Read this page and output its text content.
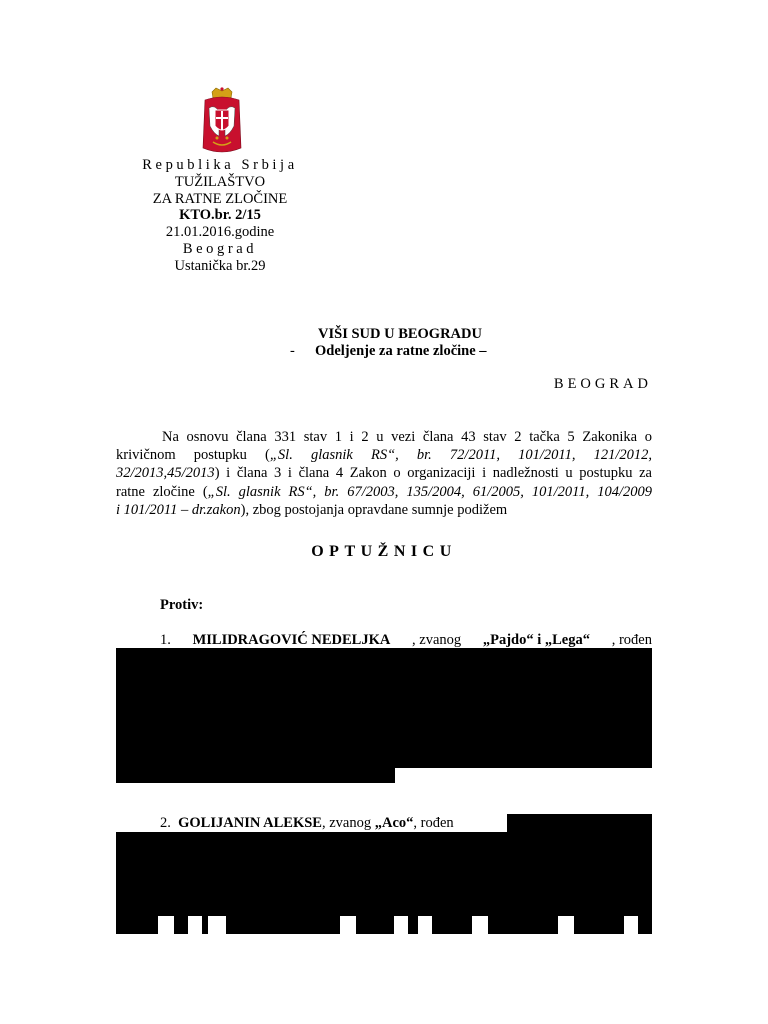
Republika Srbija
TUŽILAŠTVO
ZA RATNE ZLOČINE
KTO.br. 2/15
21.01.2016.godine
Beograd
Ustanička br.29
VIŠI SUD U BEOGRADU
- Odeljenje za ratne zločine –
BEOGRAD
Na osnovu člana 331 stav 1 i 2 u vezi člana 43 stav 2 tačka 5 Zakonika o
krivičnom postupku („Sl. glasnik RS“, br. 72/2011, 101/2011, 121/2012,
32/2013,45/2013) i člana 3 i člana 4 Zakon o organizaciji i nadležnosti u postupku za
ratne zločine („Sl. glasnik RS“, br. 67/2003, 135/2004, 61/2005, 101/2011, 104/2009
i 101/2011 – dr.zakon), zbog postojanja opravdane sumnje podižem
OPTUŽNICU
Protiv:
1. MILIDRAGOVIĆ NEDELJKA , zvanog „Pajdo“ i „Lega“ , rođen
2. GOLIJANIN ALEKSE, zvanog „Aco“, rođen
